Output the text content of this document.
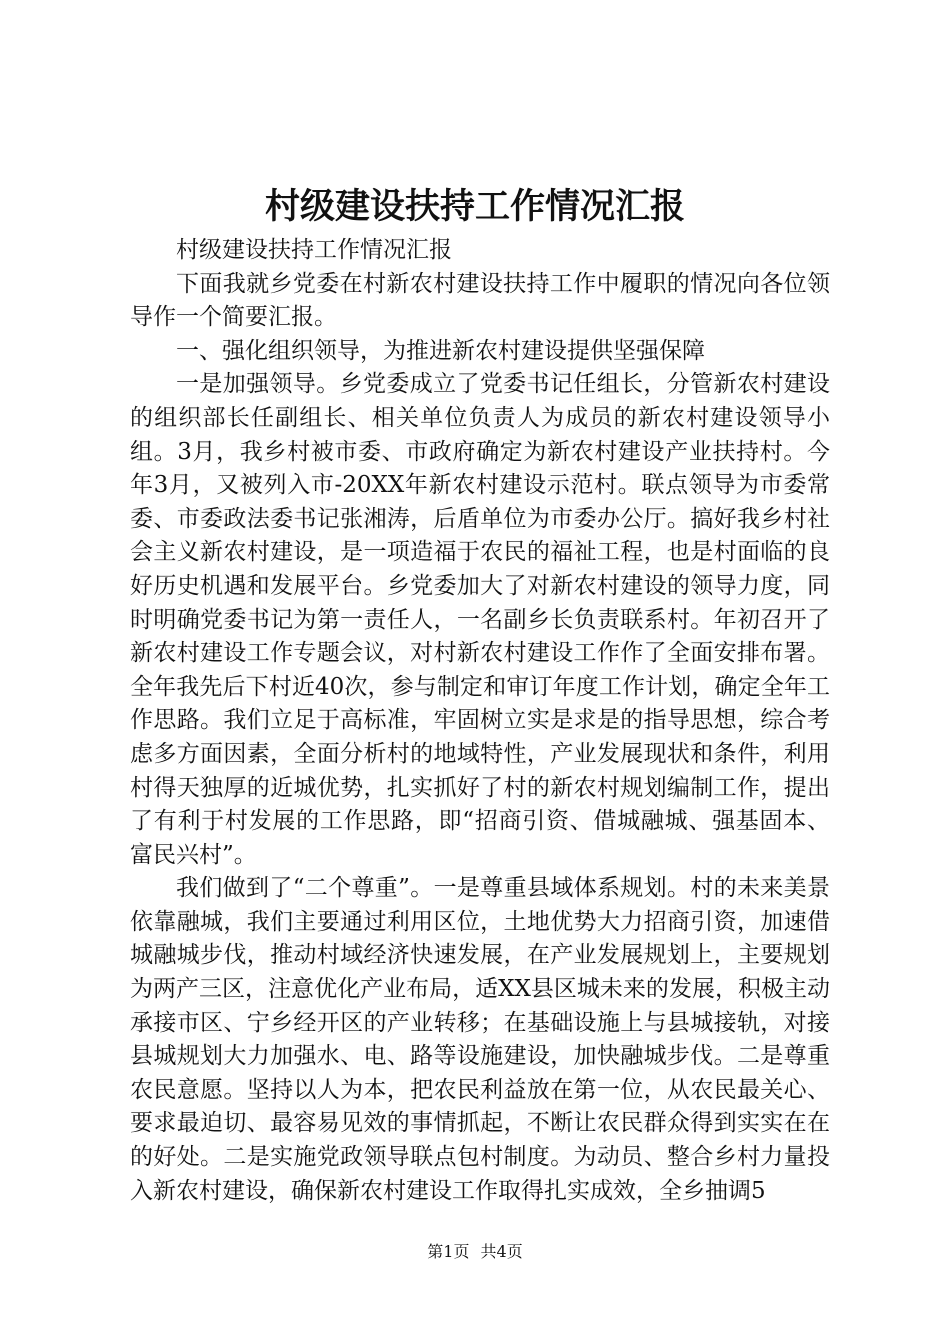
村级建设扶持工作情况汇报

村级建设扶持工作情况汇报

下面我就乡党委在村新农村建设扶持工作中履职的情况向各位领导作一个简要汇报。

一、强化组织领导，为推进新农村建设提供坚强保障

一是加强领导。乡党委成立了党委书记任组长，分管新农村建设的组织部长任副组长、相关单位负责人为成员的新农村建设领导小组。3月，我乡村被市委、市政府确定为新农村建设产业扶持村。今年3月，又被列入市-20XX年新农村建设示范村。联点领导为市委常委、市委政法委书记张湘涛，后盾单位为市委办公厅。搞好我乡村社会主义新农村建设，是一项造福于农民的福祉工程，也是村面临的良好历史机遇和发展平台。乡党委加大了对新农村建设的领导力度，同时明确党委书记为第一责任人，一名副乡长负责联系村。年初召开了新农村建设工作专题会议，对村新农村建设工作作了全面安排布署。全年我先后下村近40次，参与制定和审订年度工作计划，确定全年工作思路。我们立足于高标准，牢固树立实是求是的指导思想，综合考虑多方面因素，全面分析村的地域特性，产业发展现状和条件，利用村得天独厚的近城优势，扎实抓好了村的新农村规划编制工作，提出了有利于村发展的工作思路，即“招商引资、借城融城、强基固本、富民兴村”。

我们做到了“二个尊重”。一是尊重县域体系规划。村的未来美景依靠融城，我们主要通过利用区位，土地优势大力招商引资，加速借城融城步伐，推动村域经济快速发展，在产业发展规划上，主要规划为两产三区，注意优化产业布局，适XX县区城未来的发展，积极主动承接市区、宁乡经开区的产业转移；在基础设施上与县城接轨，对接县城规划大力加强水、电、路等设施建设，加快融城步伐。二是尊重农民意愿。坚持以人为本，把农民利益放在第一位，从农民最关心、要求最迫切、最容易见效的事情抓起，不断让农民群众得到实实在在的好处。二是实施党政领导联点包村制度。为动员、整合乡村力量投入新农村建设，确保新农村建设工作取得扎实成效，全乡抽调5

第1页 共4页
